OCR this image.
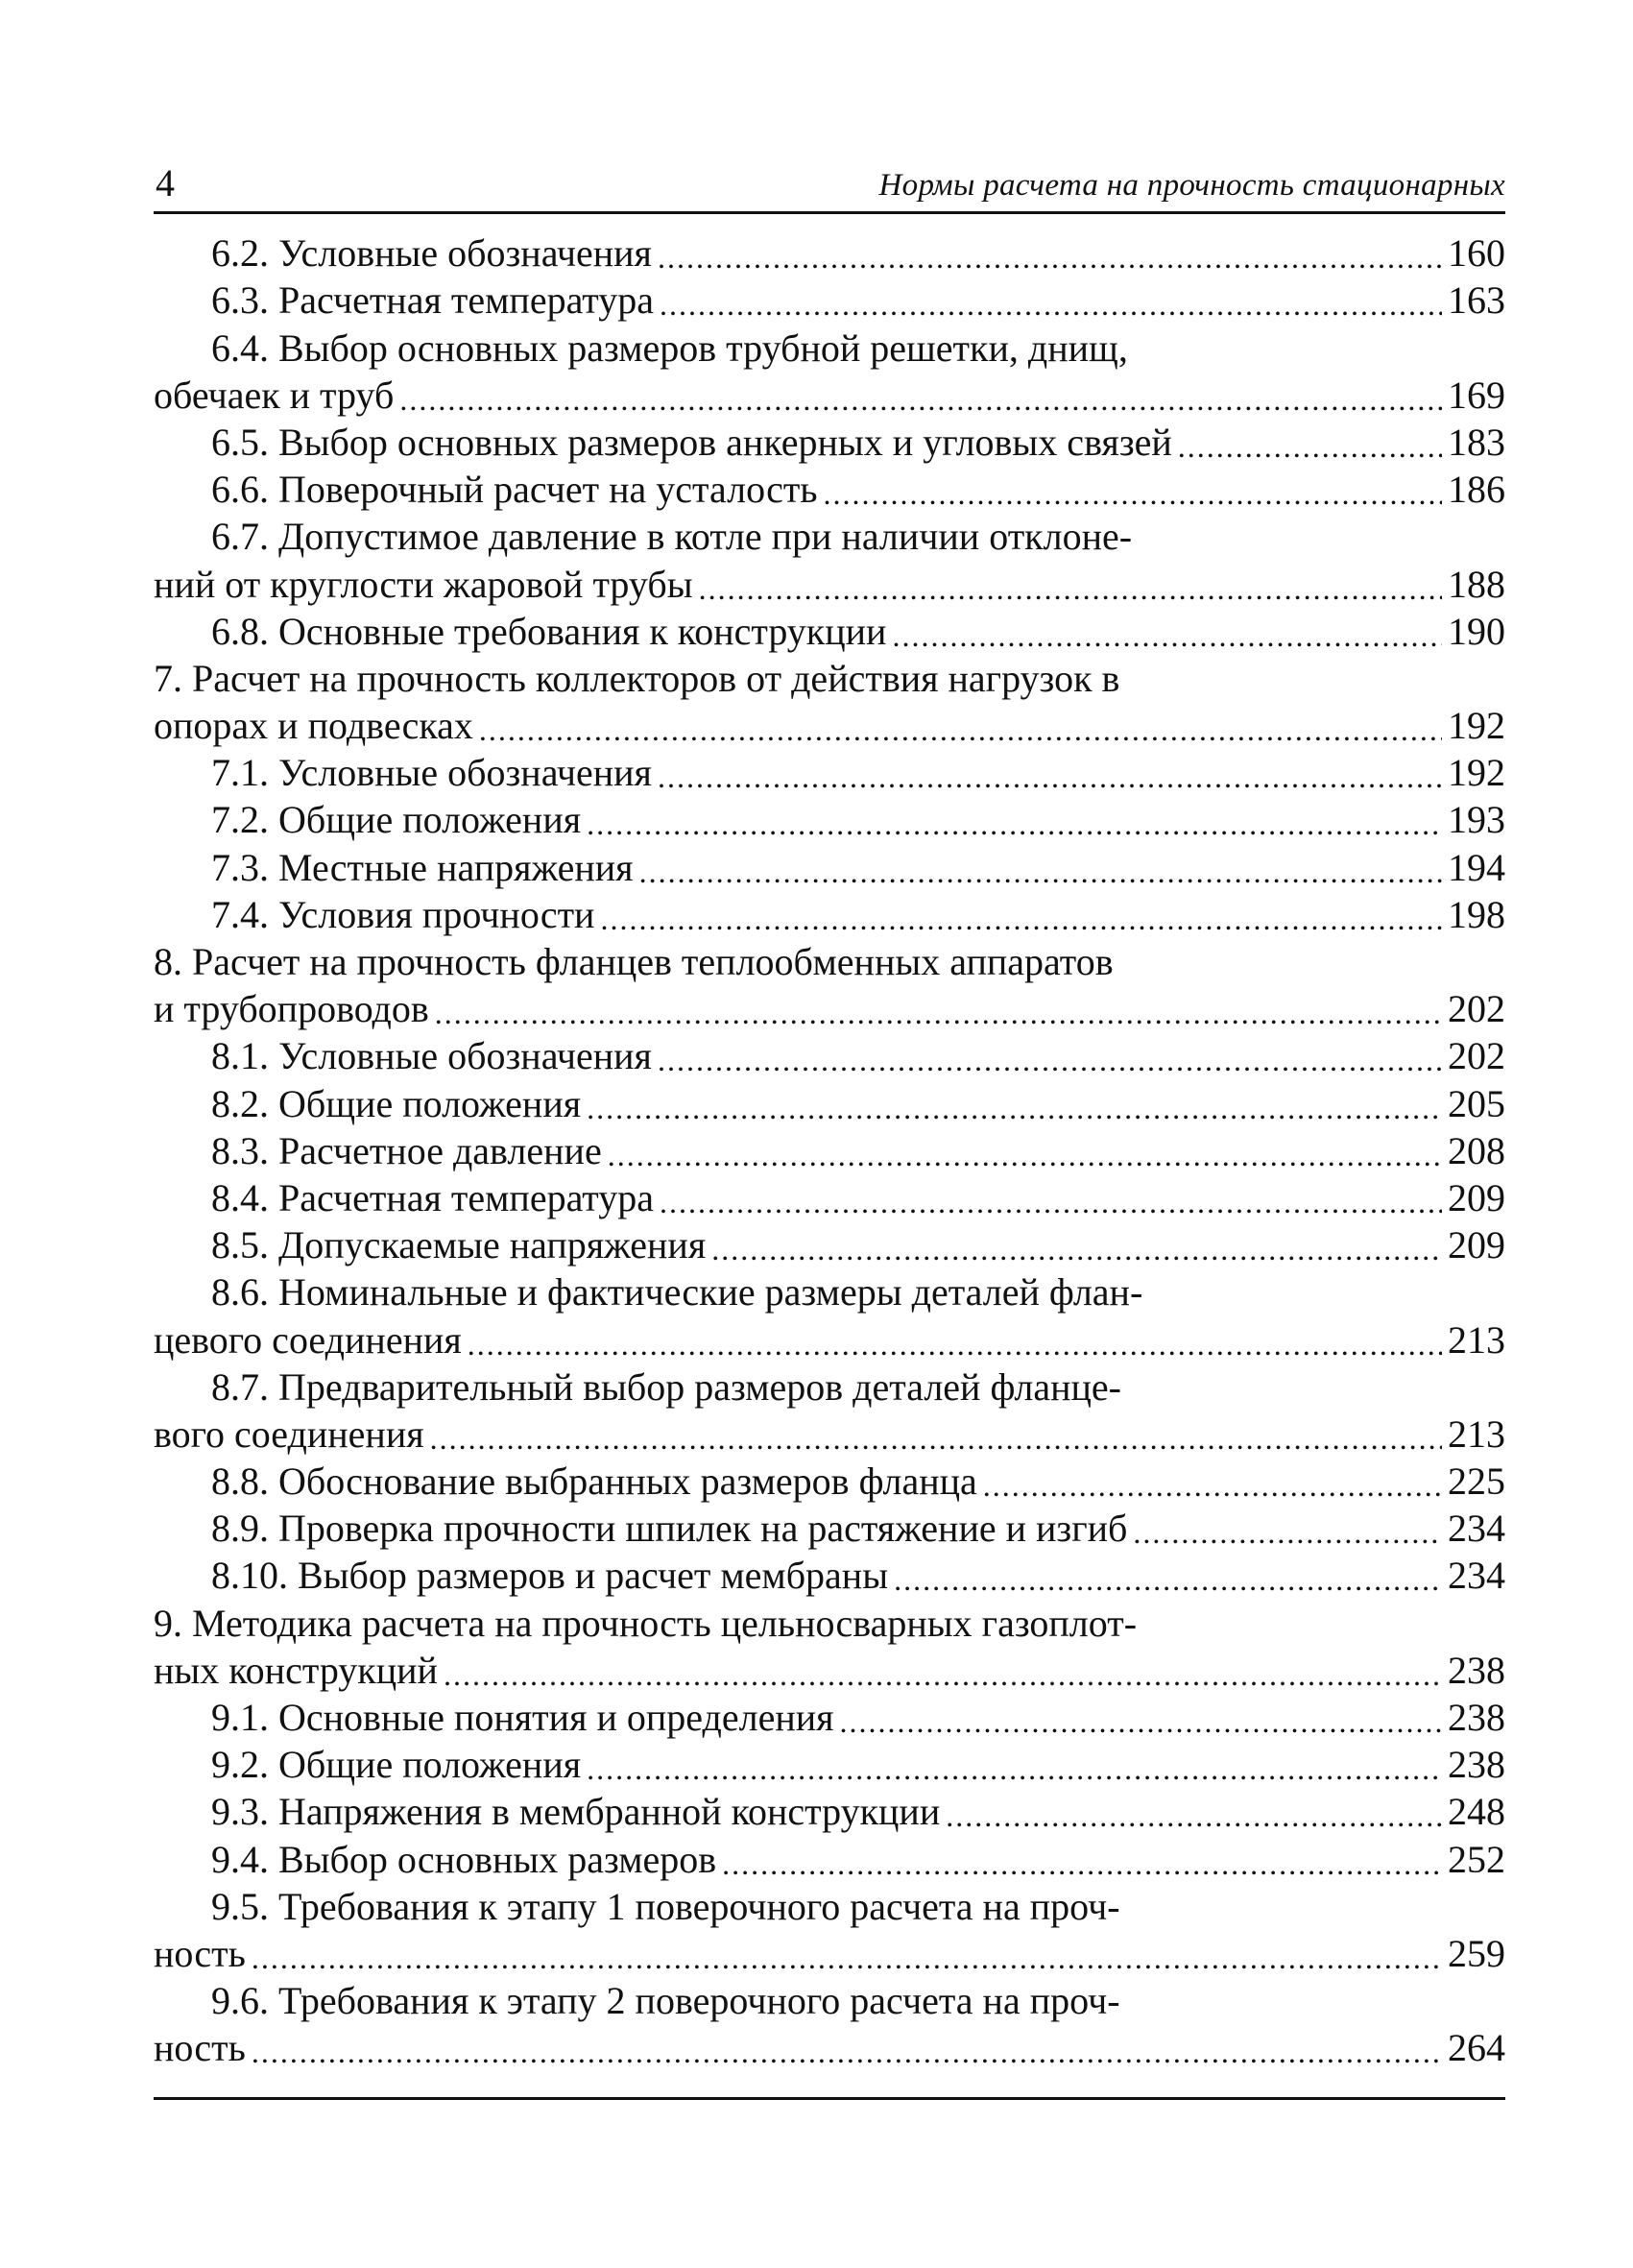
4	Нормы расчета на прочность стационарных
6.2. Условные обозначения .....	160
6.3. Расчетная температура .....	163
6.4. Выбор основных размеров трубной решетки, днищ,
обечаек и труб .....	169
6.5. Выбор основных размеров анкерных и угловых связей .....	183
6.6. Поверочный расчет на усталость .....	186
6.7. Допустимое давление в котле при наличии отклоне-
ний от круглости жаровой трубы .....	188
6.8. Основные требования к конструкции .....	190
7. Расчет на прочность коллекторов от действия нагрузок в
опорах и подвесках .....	192
7.1. Условные обозначения .....	192
7.2. Общие положения .....	193
7.3. Местные напряжения .....	194
7.4. Условия прочности .....	198
8. Расчет на прочность фланцев теплообменных аппаратов
и трубопроводов .....	202
8.1. Условные обозначения .....	202
8.2. Общие положения .....	205
8.3. Расчетное давление .....	208
8.4. Расчетная температура .....	209
8.5. Допускаемые напряжения .....	209
8.6. Номинальные и фактические размеры деталей флан-
цевого соединения .....	213
8.7. Предварительный выбор размеров деталей фланце-
вого соединения .....	213
8.8. Обоснование выбранных размеров фланца .....	225
8.9. Проверка прочности шпилек на растяжение и изгиб .....	234
8.10. Выбор размеров и расчет мембраны .....	234
9. Методика расчета на прочность цельносварных газоплот-
ных конструкций .....	238
9.1. Основные понятия и определения .....	238
9.2. Общие положения .....	238
9.3. Напряжения в мембранной конструкции .....	248
9.4. Выбор основных размеров .....	252
9.5. Требования к этапу 1 поверочного расчета на проч-
ность .....	259
9.6. Требования к этапу 2 поверочного расчета на проч-
ность .....	264
